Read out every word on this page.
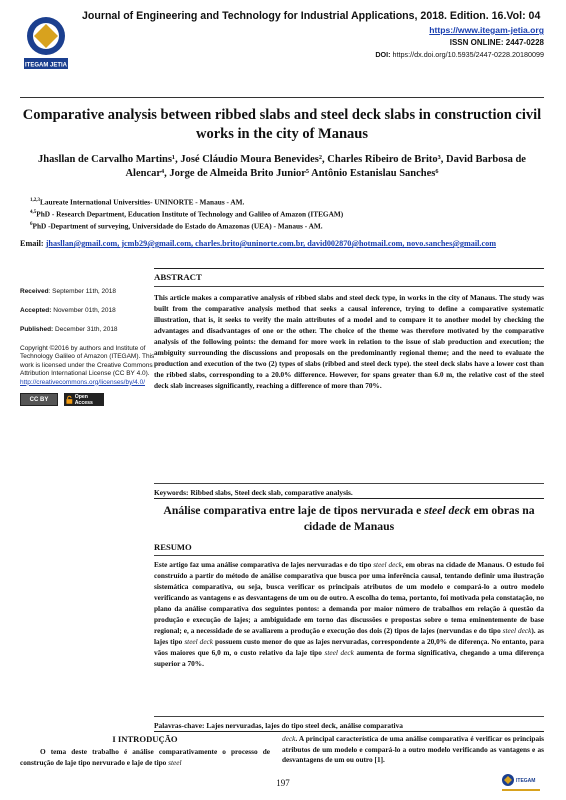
ITEGAM JETIA
Journal of Engineering and Technology for Industrial Applications, 2018. Edition. 16.Vol: 04
https://www.itegam-jetia.org
ISSN ONLINE: 2447-0228
DOI: https://dx.doi.org/10.5935/2447-0228.20180099
Comparative analysis between ribbed slabs and steel deck slabs in construction civil works in the city of Manaus
Jhasllan de Carvalho Martins¹, José Cláudio Moura Benevides², Charles Ribeiro de Brito³, David Barbosa de Alencar⁴, Jorge de Almeida Brito Junior⁵ Antônio Estanislau Sanches⁶
$^{1,2,3}$Laureate International Universities- UNINORTE - Manaus - AM.
$^{4,5}$PhD - Research Department, Education Institute of Technology and Galileo of Amazon (ITEGAM)
$^6$PhD -Department of surveying, Universidade do Estado do Amazonas (UEA) - Manaus - AM.
Email: jhasllan@gmail.com, jcmb29@gmail.com, charles.brito@uninorte.com.br, david002870@hotmail.com, novo.sanches@gmail.com
Received: September 11th, 2018
Accepted: November 01th, 2018
Published: December 31th, 2018
Copyright ©2016 by authors and Institute of Technology Galileo of Amazon (ITEGAM). This work is licensed under the Creative Commons Attribution International License (CC BY 4.0).
http://creativecommons.org/licenses/by/4.0/
CC BY	Open Access
ABSTRACT
This article makes a comparative analysis of ribbed slabs and steel deck type, in works in the city of Manaus. The study was built from the comparative analysis method that seeks a causal inference, trying to define a comparative systematic illustration, that is, it seeks to verify the main attributes of a model and to compare it to another model by checking the advantages and disadvantages of one or the other. The choice of the theme was therefore motivated by the comparative analysis of the following points: the demand for more work in relation to the issue of slab production and execution; the ambiguity surrounding the discussions and proposals on the predominantly regional theme; and the need to evaluate the production and execution of the two (2) types of slabs (ribbed and steel deck type). the steel deck slabs have a lower cost than the ribbed slabs, corresponding to a 20.0% difference. However, for spans greater than 6.0 m, the relative cost of the steel deck slab increases significantly, reaching a difference of more than 70%.
Keywords: Ribbed slabs, Steel deck slab, comparative analysis.
Análise comparativa entre laje de tipos nervurada e steel deck em obras na cidade de Manaus
RESUMO
Este artigo faz uma análise comparativa de lajes nervuradas e do tipo steel deck, em obras na cidade de Manaus. O estudo foi construído a partir do método de análise comparativa que busca por uma inferência causal, tentando definir uma ilustração sistemática comparativa, ou seja, busca verificar os principais atributos de um modelo e compará-lo a outro modelo verificando as vantagens e as desvantagens de um ou de outro. A escolha do tema, portanto, foi motivada pela constatação, no plano da análise comparativa dos seguintes pontos: a demanda por maior número de trabalhos em relação à questão da produção e execução de lajes; a ambiguidade em torno das discussões e propostas sobre o tema eminentemente de base regional; e, a necessidade de se avaliarem a produção e execução dos dois (2) tipos de lajes (nervundas e do tipo steel deck). as lajes tipo steel deck possuem custo menor do que as lajes nervuradas, correspondente a 20,0% de diferença. No entanto, para vãos maiores que 6,0 m, o custo relativo da laje tipo steel deck aumenta de forma significativa, chegando a uma diferença superior a 70%.
Palavras-chave: Lajes nervuradas, lajes do tipo steel deck, análise comparativa
I INTRODUÇÃO
O tema deste trabalho é análise comparativamente o processo de construção de laje tipo nervurado e laje de tipo steel
deck. A principal característica de uma análise comparativa é verificar os principais atributos de um modelo e compará-lo a outro modelo verificando as vantagens e as desvantagens de um ou outro [1].
197	ITEGAM
